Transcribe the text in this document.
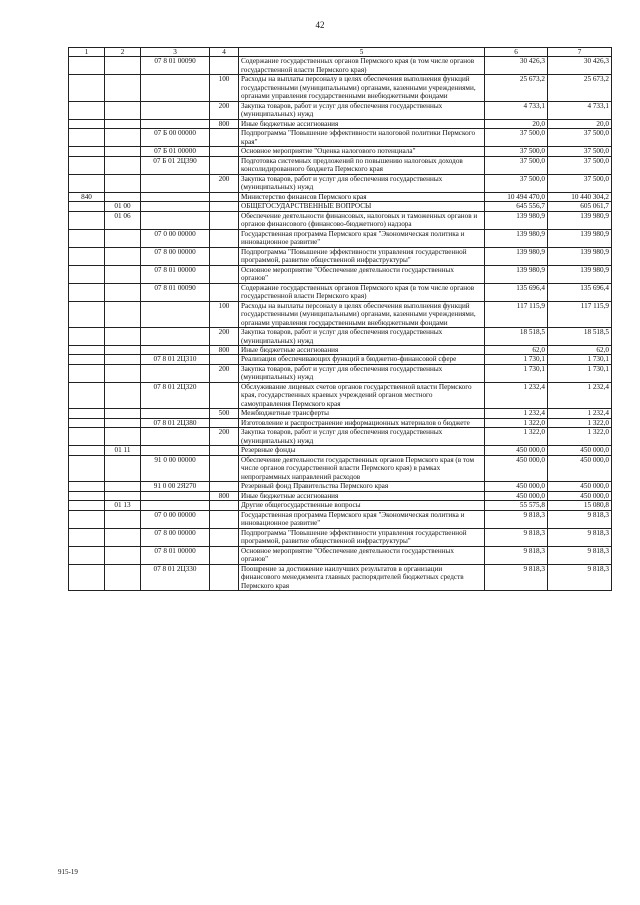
42
1	2	3	4	5	6	7
		07 8 01 00090		Содержание государственных органов Пермского края (в том числе органов государственной власти Пермского края)	30 426,3	30 426,3
			100	Расходы на выплаты персоналу в целях обеспечения выполнения функций государственными (муниципальными) органами, казенными учреждениями, органами управления государственными внебюджетными фондами	25 673,2	25 673,2
			200	Закупка товаров, работ и услуг для обеспечения государственных (муниципальных) нужд	4 733,1	4 733,1
			800	Иные бюджетные ассигнования	20,0	20,0
		07 Б 00 00000		Подпрограмма "Повышение эффективности налоговой политики Пермского края"	37 500,0	37 500,0
		07 Б 01 00000		Основное мероприятие "Оценка налогового потенциала"	37 500,0	37 500,0
		07 Б 01 2Ц390		Подготовка системных предложений по повышению налоговых доходов консолидированного бюджета Пермского края	37 500,0	37 500,0
			200	Закупка товаров, работ и услуг для обеспечения государственных (муниципальных) нужд	37 500,0	37 500,0
840				Министерство финансов Пермского края	10 494 470,0	10 440 304,2
	01 00			ОБЩЕГОСУДАРСТВЕННЫЕ ВОПРОСЫ	645 556,7	605 061,7
	01 06			Обеспечение деятельности финансовых, налоговых и таможенных органов и органов финансового (финансово-бюджетного) надзора	139 980,9	139 980,9
		07 0 00 00000		Государственная программа Пермского края "Экономическая политика и инновационное развитие"	139 980,9	139 980,9
		07 8 00 00000		Подпрограмма "Повышение эффективности управления государственной программой, развитие общественной инфраструктуры"	139 980,9	139 980,9
		07 8 01 00000		Основное мероприятие "Обеспечение деятельности государственных органов"	139 980,9	139 980,9
		07 8 01 00090		Содержание государственных органов Пермского края (в том числе органов государственной власти Пермского края)	135 696,4	135 696,4
			100	Расходы на выплаты персоналу в целях обеспечения выполнения функций государственными (муниципальными) органами, казенными учреждениями, органами управления государственными внебюджетными фондами	117 115,9	117 115,9
			200	Закупка товаров, работ и услуг для обеспечения государственных (муниципальных) нужд	18 518,5	18 518,5
			800	Иные бюджетные ассигнования	62,0	62,0
		07 8 01 2Ц310		Реализация обеспечивающих функций в бюджетно-финансовой сфере	1 730,1	1 730,1
			200	Закупка товаров, работ и услуг для обеспечения государственных (муниципальных) нужд	1 730,1	1 730,1
		07 8 01 2Ц320		Обслуживание лицевых счетов органов государственной власти Пермского края, государственных краевых учреждений органов местного самоуправления Пермского края	1 232,4	1 232,4
			500	Межбюджетные трансферты	1 232,4	1 232,4
		07 8 01 2Ц380		Изготовление и распространение информационных материалов о бюджете	1 322,0	1 322,0
			200	Закупка товаров, работ и услуг для обеспечения государственных (муниципальных) нужд	1 322,0	1 322,0
	01 11			Резервные фонды	450 000,0	450 000,0
		91 0 00 00000		Обеспечение деятельности государственных органов Пермского края (в том числе органов государственной власти Пермского края) в рамках непрограммных направлений расходов	450 000,0	450 000,0
		91 0 00 2Я270		Резервный фонд Правительства Пермского края	450 000,0	450 000,0
			800	Иные бюджетные ассигнования	450 000,0	450 000,0
	01 13			Другие общегосударственные вопросы	55 575,8	15 080,8
		07 0 00 00000		Государственная программа Пермского края "Экономическая политика и инновационное развитие"	9 818,3	9 818,3
		07 8 00 00000		Подпрограмма "Повышение эффективности управления государственной программой, развитие общественной инфраструктуры"	9 818,3	9 818,3
		07 8 01 00000		Основное мероприятие "Обеспечение деятельности государственных органов"	9 818,3	9 818,3
		07 8 01 2Ц330		Поощрение за достижение наилучших результатов в организации финансового менеджмента главных распорядителей бюджетных средств Пермского края	9 818,3	9 818,3
915-19
